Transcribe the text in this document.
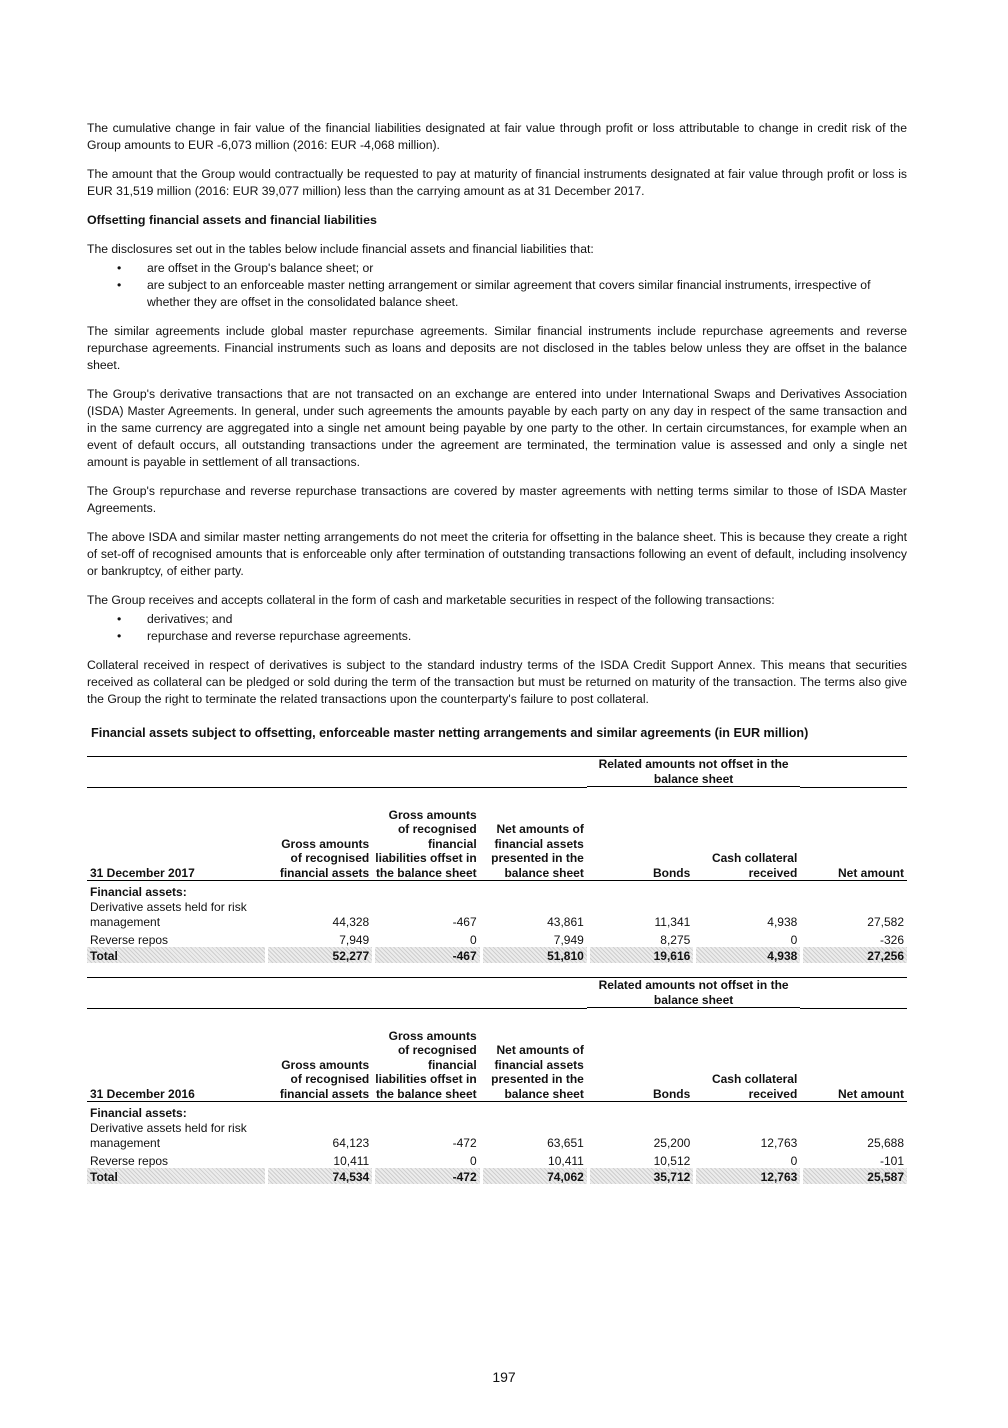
The cumulative change in fair value of the financial liabilities designated at fair value through profit or loss attributable to change in credit risk of the Group amounts to EUR -6,073 million (2016: EUR -4,068 million).

The amount that the Group would contractually be requested to pay at maturity of financial instruments designated at fair value through profit or loss is EUR 31,519 million (2016: EUR 39,077 million) less than the carrying amount as at 31 December 2017.

Offsetting financial assets and financial liabilities

The disclosures set out in the tables below include financial assets and financial liabilities that:

• are offset in the Group's balance sheet; or
• are subject to an enforceable master netting arrangement or similar agreement that covers similar financial instruments, irrespective of whether they are offset in the consolidated balance sheet.

The similar agreements include global master repurchase agreements. Similar financial instruments include repurchase agreements and reverse repurchase agreements. Financial instruments such as loans and deposits are not disclosed in the tables below unless they are offset in the balance sheet.

The Group's derivative transactions that are not transacted on an exchange are entered into under International Swaps and Derivatives Association (ISDA) Master Agreements. In general, under such agreements the amounts payable by each party on any day in respect of the same transaction and in the same currency are aggregated into a single net amount being payable by one party to the other. In certain circumstances, for example when an event of default occurs, all outstanding transactions under the agreement are terminated, the termination value is assessed and only a single net amount is payable in settlement of all transactions.

The Group's repurchase and reverse repurchase transactions are covered by master agreements with netting terms similar to those of ISDA Master Agreements.

The above ISDA and similar master netting arrangements do not meet the criteria for offsetting in the balance sheet. This is because they create a right of set-off of recognised amounts that is enforceable only after termination of outstanding transactions following an event of default, including insolvency or bankruptcy, of either party.

The Group receives and accepts collateral in the form of cash and marketable securities in respect of the following transactions:

• derivatives; and
• repurchase and reverse repurchase agreements.

Collateral received in respect of derivatives is subject to the standard industry terms of the ISDA Credit Support Annex. This means that securities received as collateral can be pledged or sold during the term of the transaction but must be returned on maturity of the transaction. The terms also give the Group the right to terminate the related transactions upon the counterparty's failure to post collateral.

Financial assets subject to offsetting, enforceable master netting arrangements and similar agreements (in EUR million)
				Related amounts not offset in the balance sheet		
31 December 2017	Gross amounts of recognised financial assets	Gross amounts of recognised financial liabilities offset in the balance sheet	Net amounts of financial assets presented in the balance sheet	Bonds	Cash collateral received	Net amount
Financial assets:						
Derivative assets held for risk management	44,328	-467	43,861	11,341	4,938	27,582
Reverse repos	7,949	0	7,949	8,275	0	-326
Total	52,277	-467	51,810	19,616	4,938	27,256
				Related amounts not offset in the balance sheet		
31 December 2016	Gross amounts of recognised financial assets	Gross amounts of recognised financial liabilities offset in the balance sheet	Net amounts of financial assets presented in the balance sheet	Bonds	Cash collateral received	Net amount
Financial assets:						
Derivative assets held for risk management	64,123	-472	63,651	25,200	12,763	25,688
Reverse repos	10,411	0	10,411	10,512	0	-101
Total	74,534	-472	74,062	35,712	12,763	25,587
197
